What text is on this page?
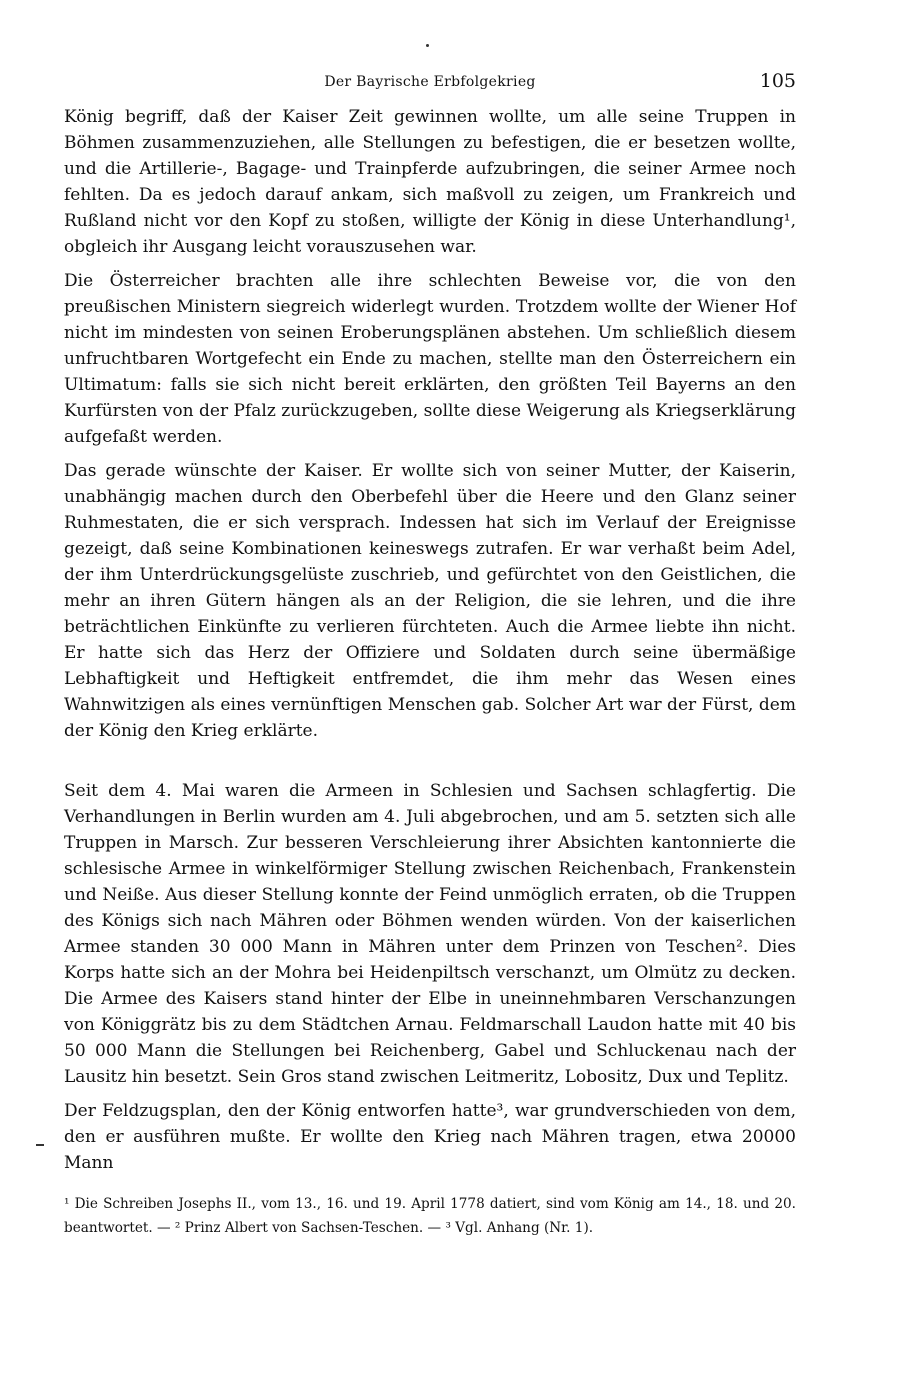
Der Bayrische Erbfolgekrieg	105

König begriff, daß der Kaiser Zeit gewinnen wollte, um alle seine Truppen in Böhmen zusammenzuziehen, alle Stellungen zu befestigen, die er besetzen wollte, und die Artillerie-, Bagage- und Trainpferde aufzubringen, die seiner Armee noch fehlten. Da es jedoch darauf ankam, sich maßvoll zu zeigen, um Frankreich und Rußland nicht vor den Kopf zu stoßen, willigte der König in diese Unterhandlung¹, obgleich ihr Ausgang leicht vorauszusehen war.

Die Österreicher brachten alle ihre schlechten Beweise vor, die von den preußischen Ministern siegreich widerlegt wurden. Trotzdem wollte der Wiener Hof nicht im mindesten von seinen Eroberungsplänen abstehen. Um schließlich diesem unfruchtbaren Wortgefecht ein Ende zu machen, stellte man den Österreichern ein Ultimatum: falls sie sich nicht bereit erklärten, den größten Teil Bayerns an den Kurfürsten von der Pfalz zurückzugeben, sollte diese Weigerung als Kriegserklärung aufgefaßt werden.

Das gerade wünschte der Kaiser. Er wollte sich von seiner Mutter, der Kaiserin, unabhängig machen durch den Oberbefehl über die Heere und den Glanz seiner Ruhmestaten, die er sich versprach. Indessen hat sich im Verlauf der Ereignisse gezeigt, daß seine Kombinationen keineswegs zutrafen. Er war verhaßt beim Adel, der ihm Unterdrückungsgelüste zuschrieb, und gefürchtet von den Geistlichen, die mehr an ihren Gütern hängen als an der Religion, die sie lehren, und die ihre beträchtlichen Einkünfte zu verlieren fürchteten. Auch die Armee liebte ihn nicht. Er hatte sich das Herz der Offiziere und Soldaten durch seine übermäßige Lebhaftigkeit und Heftigkeit entfremdet, die ihm mehr das Wesen eines Wahnwitzigen als eines vernünftigen Menschen gab. Solcher Art war der Fürst, dem der König den Krieg erklärte.

Seit dem 4. Mai waren die Armeen in Schlesien und Sachsen schlagfertig. Die Verhandlungen in Berlin wurden am 4. Juli abgebrochen, und am 5. setzten sich alle Truppen in Marsch. Zur besseren Verschleierung ihrer Absichten kantonnierte die schlesische Armee in winkelförmiger Stellung zwischen Reichenbach, Frankenstein und Neiße. Aus dieser Stellung konnte der Feind unmöglich erraten, ob die Truppen des Königs sich nach Mähren oder Böhmen wenden würden. Von der kaiserlichen Armee standen 30 000 Mann in Mähren unter dem Prinzen von Teschen². Dies Korps hatte sich an der Mohra bei Heidenpiltsch verschanzt, um Olmütz zu decken. Die Armee des Kaisers stand hinter der Elbe in uneinnehmbaren Verschanzungen von Königgrätz bis zu dem Städtchen Arnau. Feldmarschall Laudon hatte mit 40 bis 50 000 Mann die Stellungen bei Reichenberg, Gabel und Schluckenau nach der Lausitz hin besetzt. Sein Gros stand zwischen Leitmeritz, Lobositz, Dux und Teplitz.

Der Feldzugsplan, den der König entworfen hatte³, war grundverschieden von dem, den er ausführen mußte. Er wollte den Krieg nach Mähren tragen, etwa 20000 Mann

¹ Die Schreiben Josephs II., vom 13., 16. und 19. April 1778 datiert, sind vom König am 14., 18. und 20. beantwortet. — ² Prinz Albert von Sachsen-Teschen. — ³ Vgl. Anhang (Nr. 1).
